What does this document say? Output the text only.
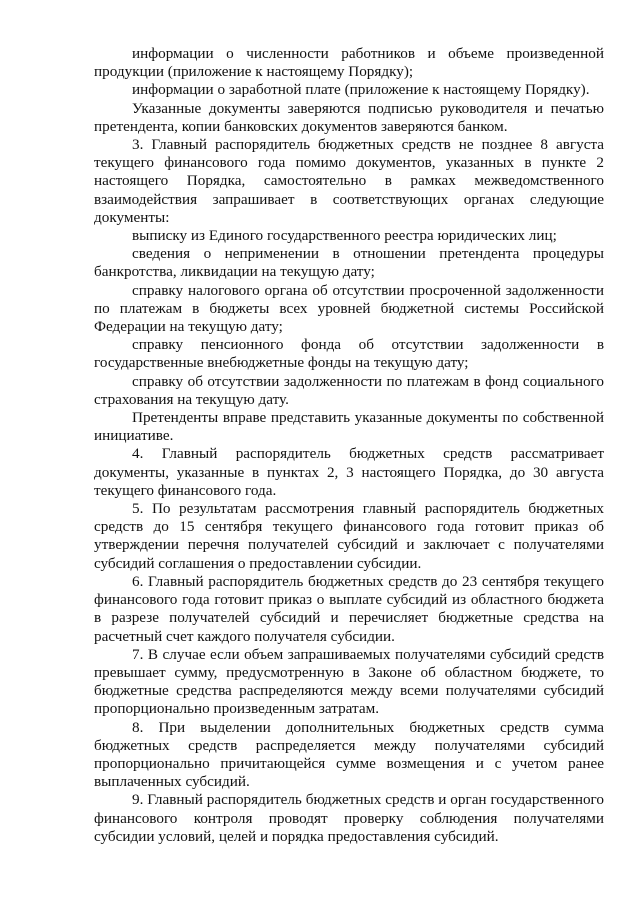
информации о численности работников и объеме произведенной продукции (приложение к настоящему Порядку);

информации о заработной плате (приложение к настоящему Порядку).

Указанные документы заверяются подписью руководителя и печатью претендента, копии банковских документов заверяются банком.

3. Главный распорядитель бюджетных средств не позднее 8 августа текущего финансового года помимо документов, указанных в пункте 2 настоящего Порядка, самостоятельно в рамках межведомственного взаимодействия запрашивает в соответствующих органах следующие документы:

выписку из Единого государственного реестра юридических лиц;

сведения о неприменении в отношении претендента процедуры банкротства, ликвидации на текущую дату;

справку налогового органа об отсутствии просроченной задолженности по платежам в бюджеты всех уровней бюджетной системы Российской Федерации на текущую дату;

справку пенсионного фонда об отсутствии задолженности в государственные внебюджетные фонды на текущую дату;

справку об отсутствии задолженности по платежам в фонд социального страхования на текущую дату.

Претенденты вправе представить указанные документы по собственной инициативе.

4. Главный распорядитель бюджетных средств рассматривает документы, указанные в пунктах 2, 3 настоящего Порядка, до 30 августа текущего финансового года.

5. По результатам рассмотрения главный распорядитель бюджетных средств до 15 сентября текущего финансового года готовит приказ об утверждении перечня получателей субсидий и заключает с получателями субсидий соглашения о предоставлении субсидии.

6. Главный распорядитель бюджетных средств до 23 сентября текущего финансового года готовит приказ о выплате субсидий из областного бюджета в разрезе получателей субсидий и перечисляет бюджетные средства на расчетный счет каждого получателя субсидии.

7. В случае если объем запрашиваемых получателями субсидий средств превышает сумму, предусмотренную в Законе об областном бюджете, то бюджетные средства распределяются между всеми получателями субсидий пропорционально произведенным затратам.

8. При выделении дополнительных бюджетных средств сумма бюджетных средств распределяется между получателями субсидий пропорционально причитающейся сумме возмещения и с учетом ранее выплаченных субсидий.

9. Главный распорядитель бюджетных средств и орган государственного финансового контроля проводят проверку соблюдения получателями субсидии условий, целей и порядка предоставления субсидий.
